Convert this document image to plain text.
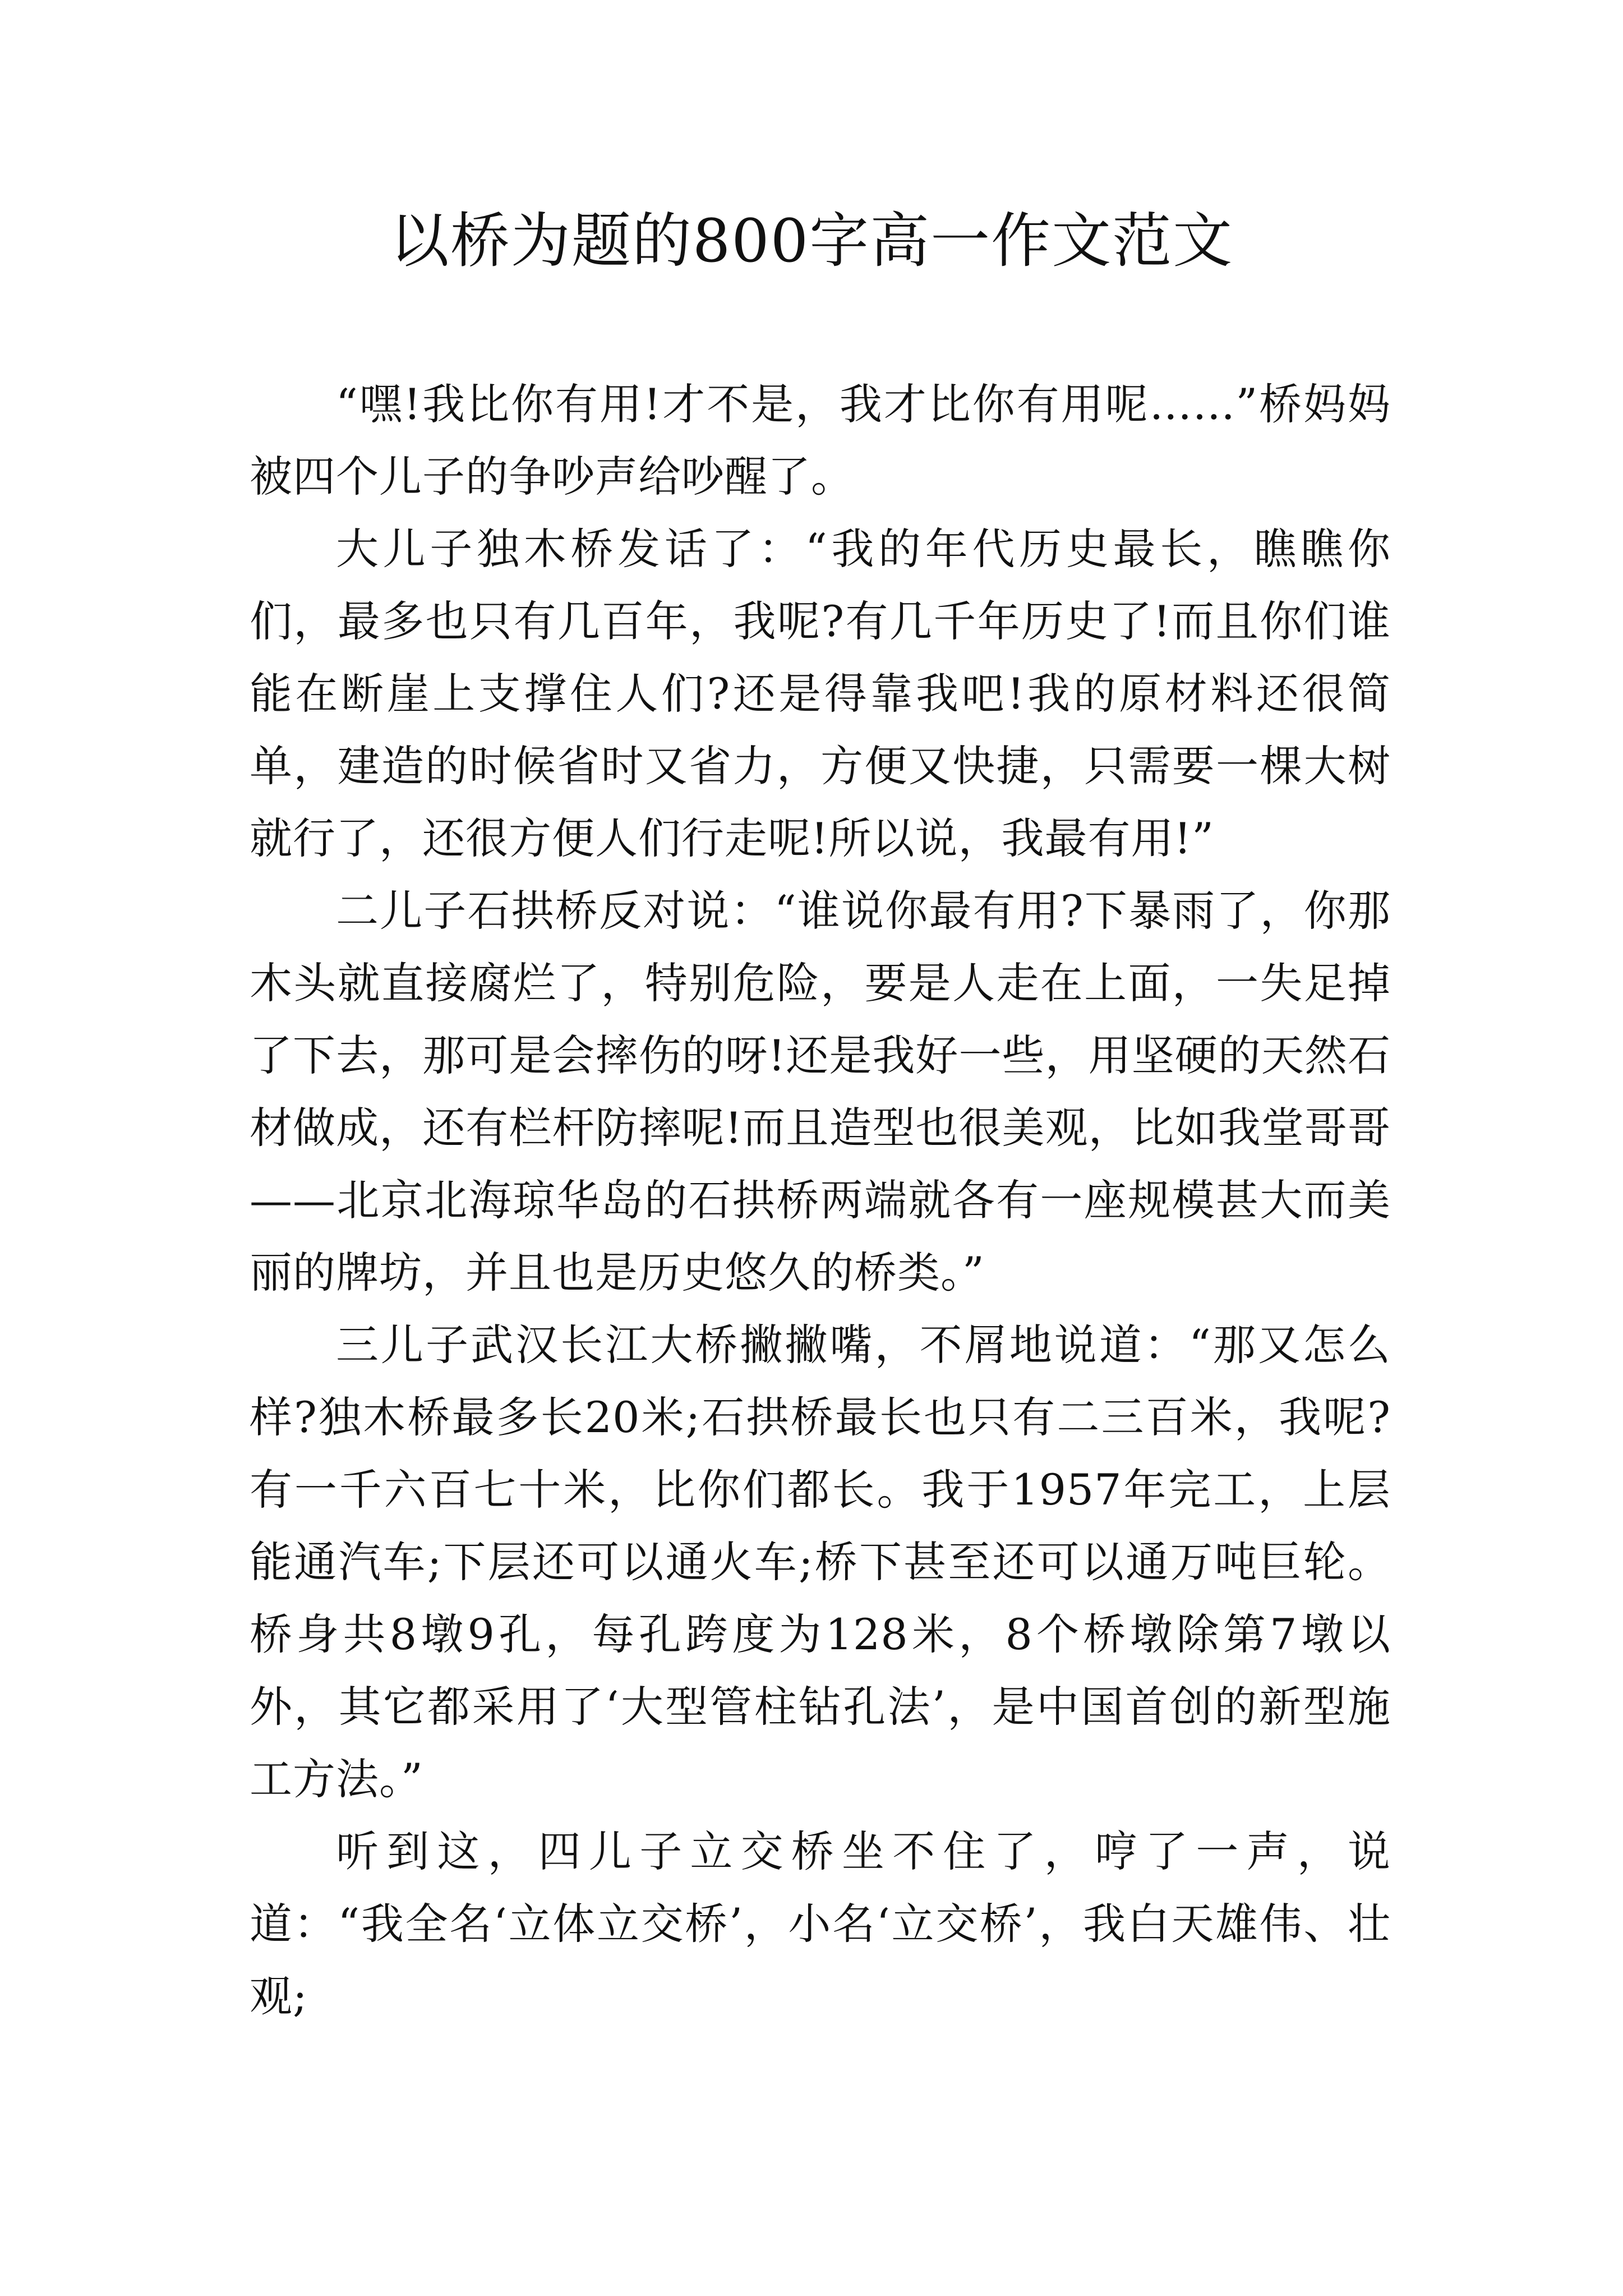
以桥为题的800字高一作文范文

“嘿!我比你有用!才不是，我才比你有用呢……”桥妈妈被四个儿子的争吵声给吵醒了。

大儿子独木桥发话了：“我的年代历史最长，瞧瞧你们，最多也只有几百年，我呢?有几千年历史了!而且你们谁能在断崖上支撑住人们?还是得靠我吧!我的原材料还很简单，建造的时候省时又省力，方便又快捷，只需要一棵大树就行了，还很方便人们行走呢!所以说，我最有用!”

二儿子石拱桥反对说：“谁说你最有用?下暴雨了，你那木头就直接腐烂了，特别危险，要是人走在上面，一失足掉了下去，那可是会摔伤的呀!还是我好一些，用坚硬的天然石材做成，还有栏杆防摔呢!而且造型也很美观，比如我堂哥哥——北京北海琼华岛的石拱桥两端就各有一座规模甚大而美丽的牌坊，并且也是历史悠久的桥类。”

三儿子武汉长江大桥撇撇嘴，不屑地说道：“那又怎么样?独木桥最多长20米;石拱桥最长也只有二三百米，我呢?有一千六百七十米，比你们都长。我于1957年完工，上层能通汽车;下层还可以通火车;桥下甚至还可以通万吨巨轮。桥身共8墩9孔，每孔跨度为128米，8个桥墩除第7墩以外，其它都采用了‘大型管柱钻孔法’，是中国首创的新型施工方法。”

听到这，四儿子立交桥坐不住了，哼了一声，说道：“我全名‘立体立交桥’，小名‘立交桥’，我白天雄伟、壮观;
